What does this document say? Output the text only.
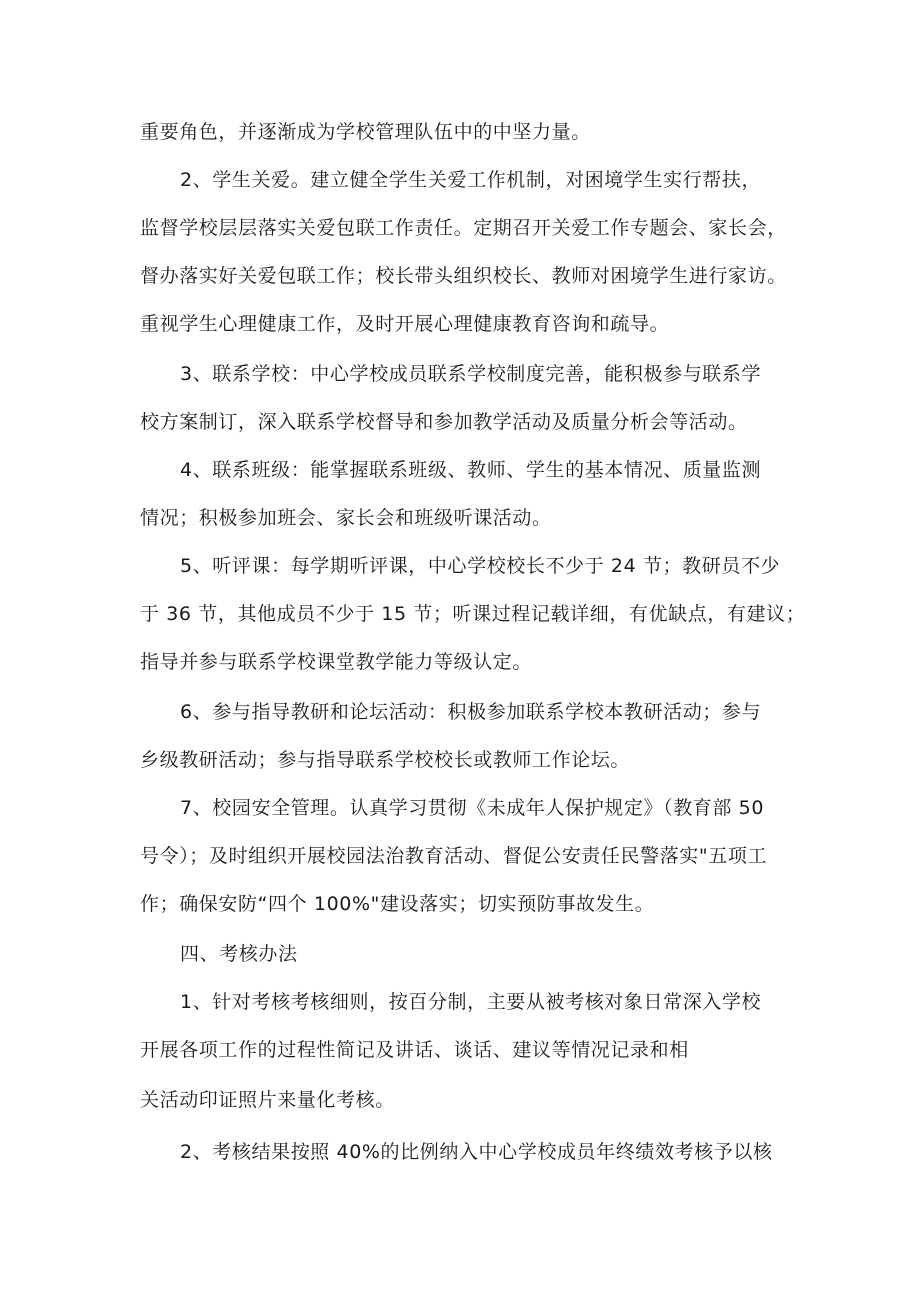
重要角色，并逐渐成为学校管理队伍中的中坚力量。
2、学生关爱。建立健全学生关爱工作机制，对困境学生实行帮扶，
监督学校层层落实关爱包联工作责任。定期召开关爱工作专题会、家长会，
督办落实好关爱包联工作；校长带头组织校长、教师对困境学生进行家访。
重视学生心理健康工作，及时开展心理健康教育咨询和疏导。
3、联系学校：中心学校成员联系学校制度完善，能积极参与联系学
校方案制订，深入联系学校督导和参加教学活动及质量分析会等活动。
4、联系班级：能掌握联系班级、教师、学生的基本情况、质量监测
情况；积极参加班会、家长会和班级听课活动。
5、听评课：每学期听评课，中心学校校长不少于 24 节；教研员不少
于 36 节，其他成员不少于 15 节；听课过程记载详细，有优缺点，有建议；
指导并参与联系学校课堂教学能力等级认定。
6、参与指导教研和论坛活动：积极参加联系学校本教研活动；参与
乡级教研活动；参与指导联系学校校长或教师工作论坛。
7、校园安全管理。认真学习贯彻《未成年人保护规定》（教育部 50
号令）；及时组织开展校园法治教育活动、督促公安责任民警落实"五项工
作；确保安防“四个 100%"建设落实；切实预防事故发生。
四、考核办法
1、针对考核考核细则，按百分制，主要从被考核对象日常深入学校
开展各项工作的过程性简记及讲话、谈话、建议等情况记录和相
关活动印证照片来量化考核。
2、考核结果按照 40%的比例纳入中心学校成员年终绩效考核予以核
